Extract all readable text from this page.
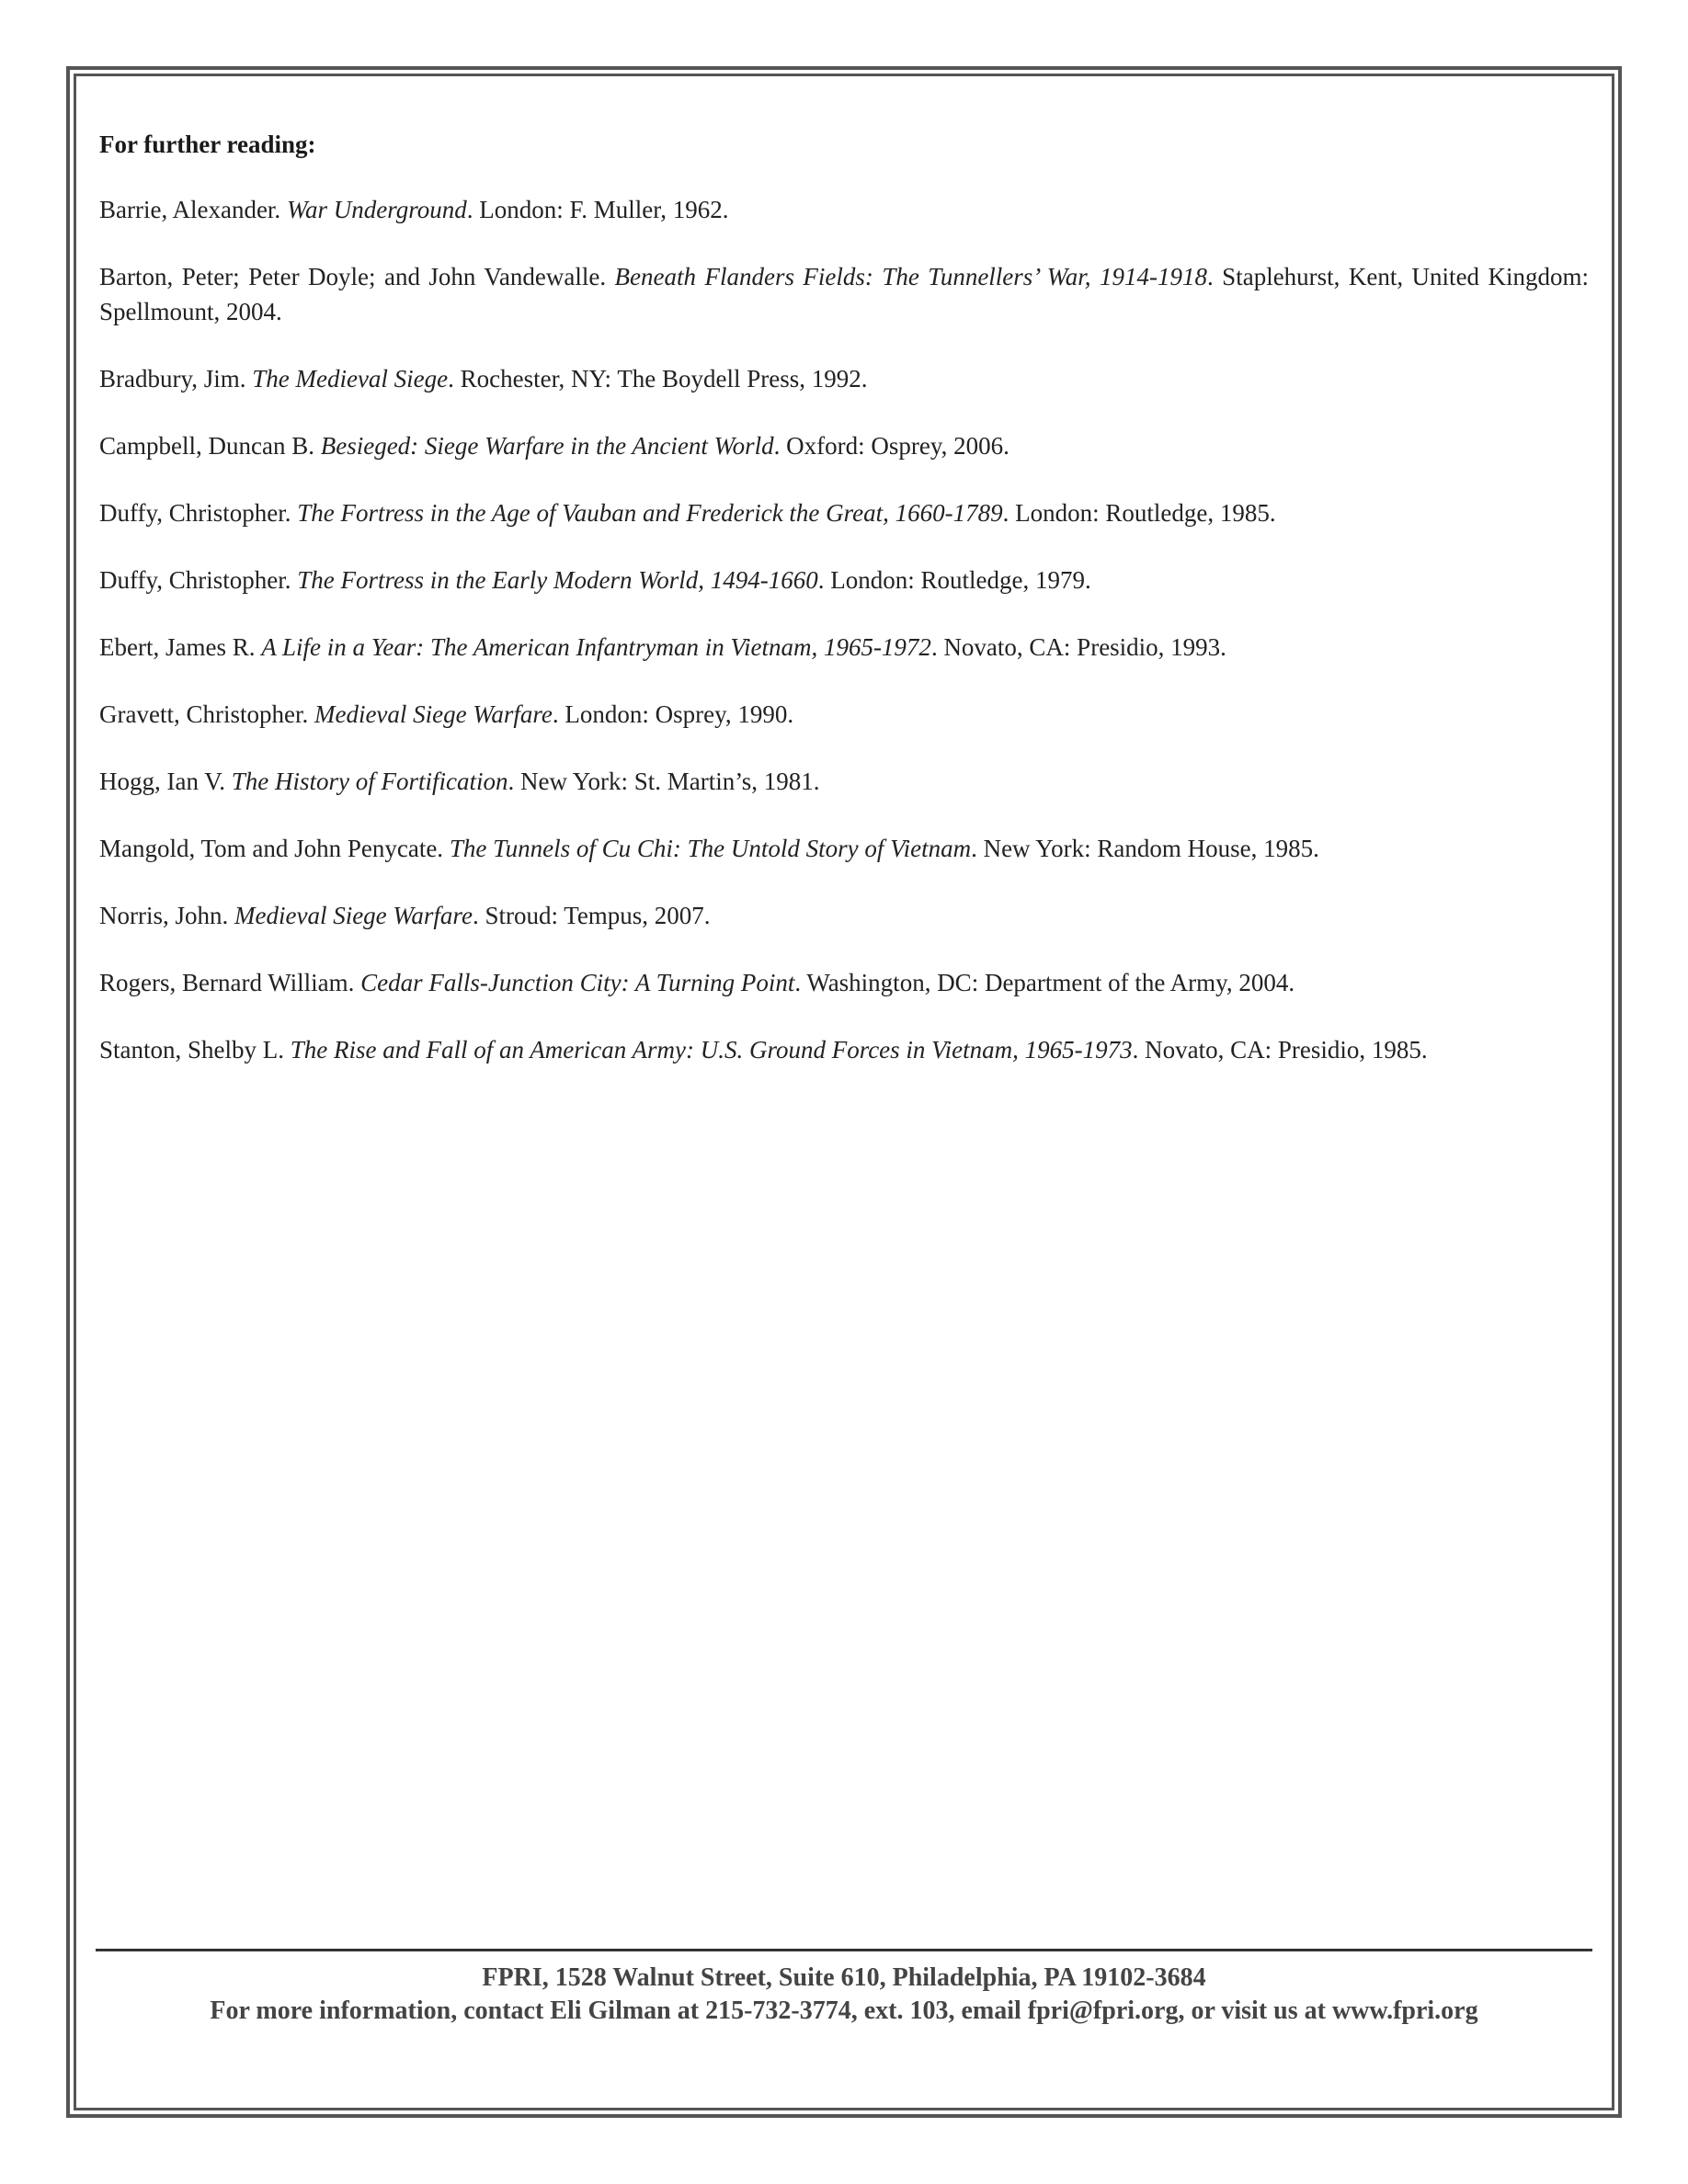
For further reading:

Barrie, Alexander. War Underground. London: F. Muller, 1962.

Barton, Peter; Peter Doyle; and John Vandewalle. Beneath Flanders Fields: The Tunnellers’ War, 1914-1918. Staplehurst, Kent, United Kingdom: Spellmount, 2004.

Bradbury, Jim. The Medieval Siege. Rochester, NY: The Boydell Press, 1992.

Campbell, Duncan B. Besieged: Siege Warfare in the Ancient World. Oxford: Osprey, 2006.

Duffy, Christopher. The Fortress in the Age of Vauban and Frederick the Great, 1660-1789. London: Routledge, 1985.

Duffy, Christopher. The Fortress in the Early Modern World, 1494-1660. London: Routledge, 1979.

Ebert, James R. A Life in a Year: The American Infantryman in Vietnam, 1965-1972. Novato, CA: Presidio, 1993.

Gravett, Christopher. Medieval Siege Warfare. London: Osprey, 1990.

Hogg, Ian V. The History of Fortification. New York: St. Martin’s, 1981.

Mangold, Tom and John Penycate. The Tunnels of Cu Chi: The Untold Story of Vietnam. New York: Random House, 1985.

Norris, John. Medieval Siege Warfare. Stroud: Tempus, 2007.

Rogers, Bernard William. Cedar Falls-Junction City: A Turning Point. Washington, DC: Department of the Army, 2004.

Stanton, Shelby L. The Rise and Fall of an American Army: U.S. Ground Forces in Vietnam, 1965-1973. Novato, CA: Presidio, 1985.

FPRI, 1528 Walnut Street, Suite 610, Philadelphia, PA 19102-3684
For more information, contact Eli Gilman at 215-732-3774, ext. 103, email fpri@fpri.org, or visit us at www.fpri.org
